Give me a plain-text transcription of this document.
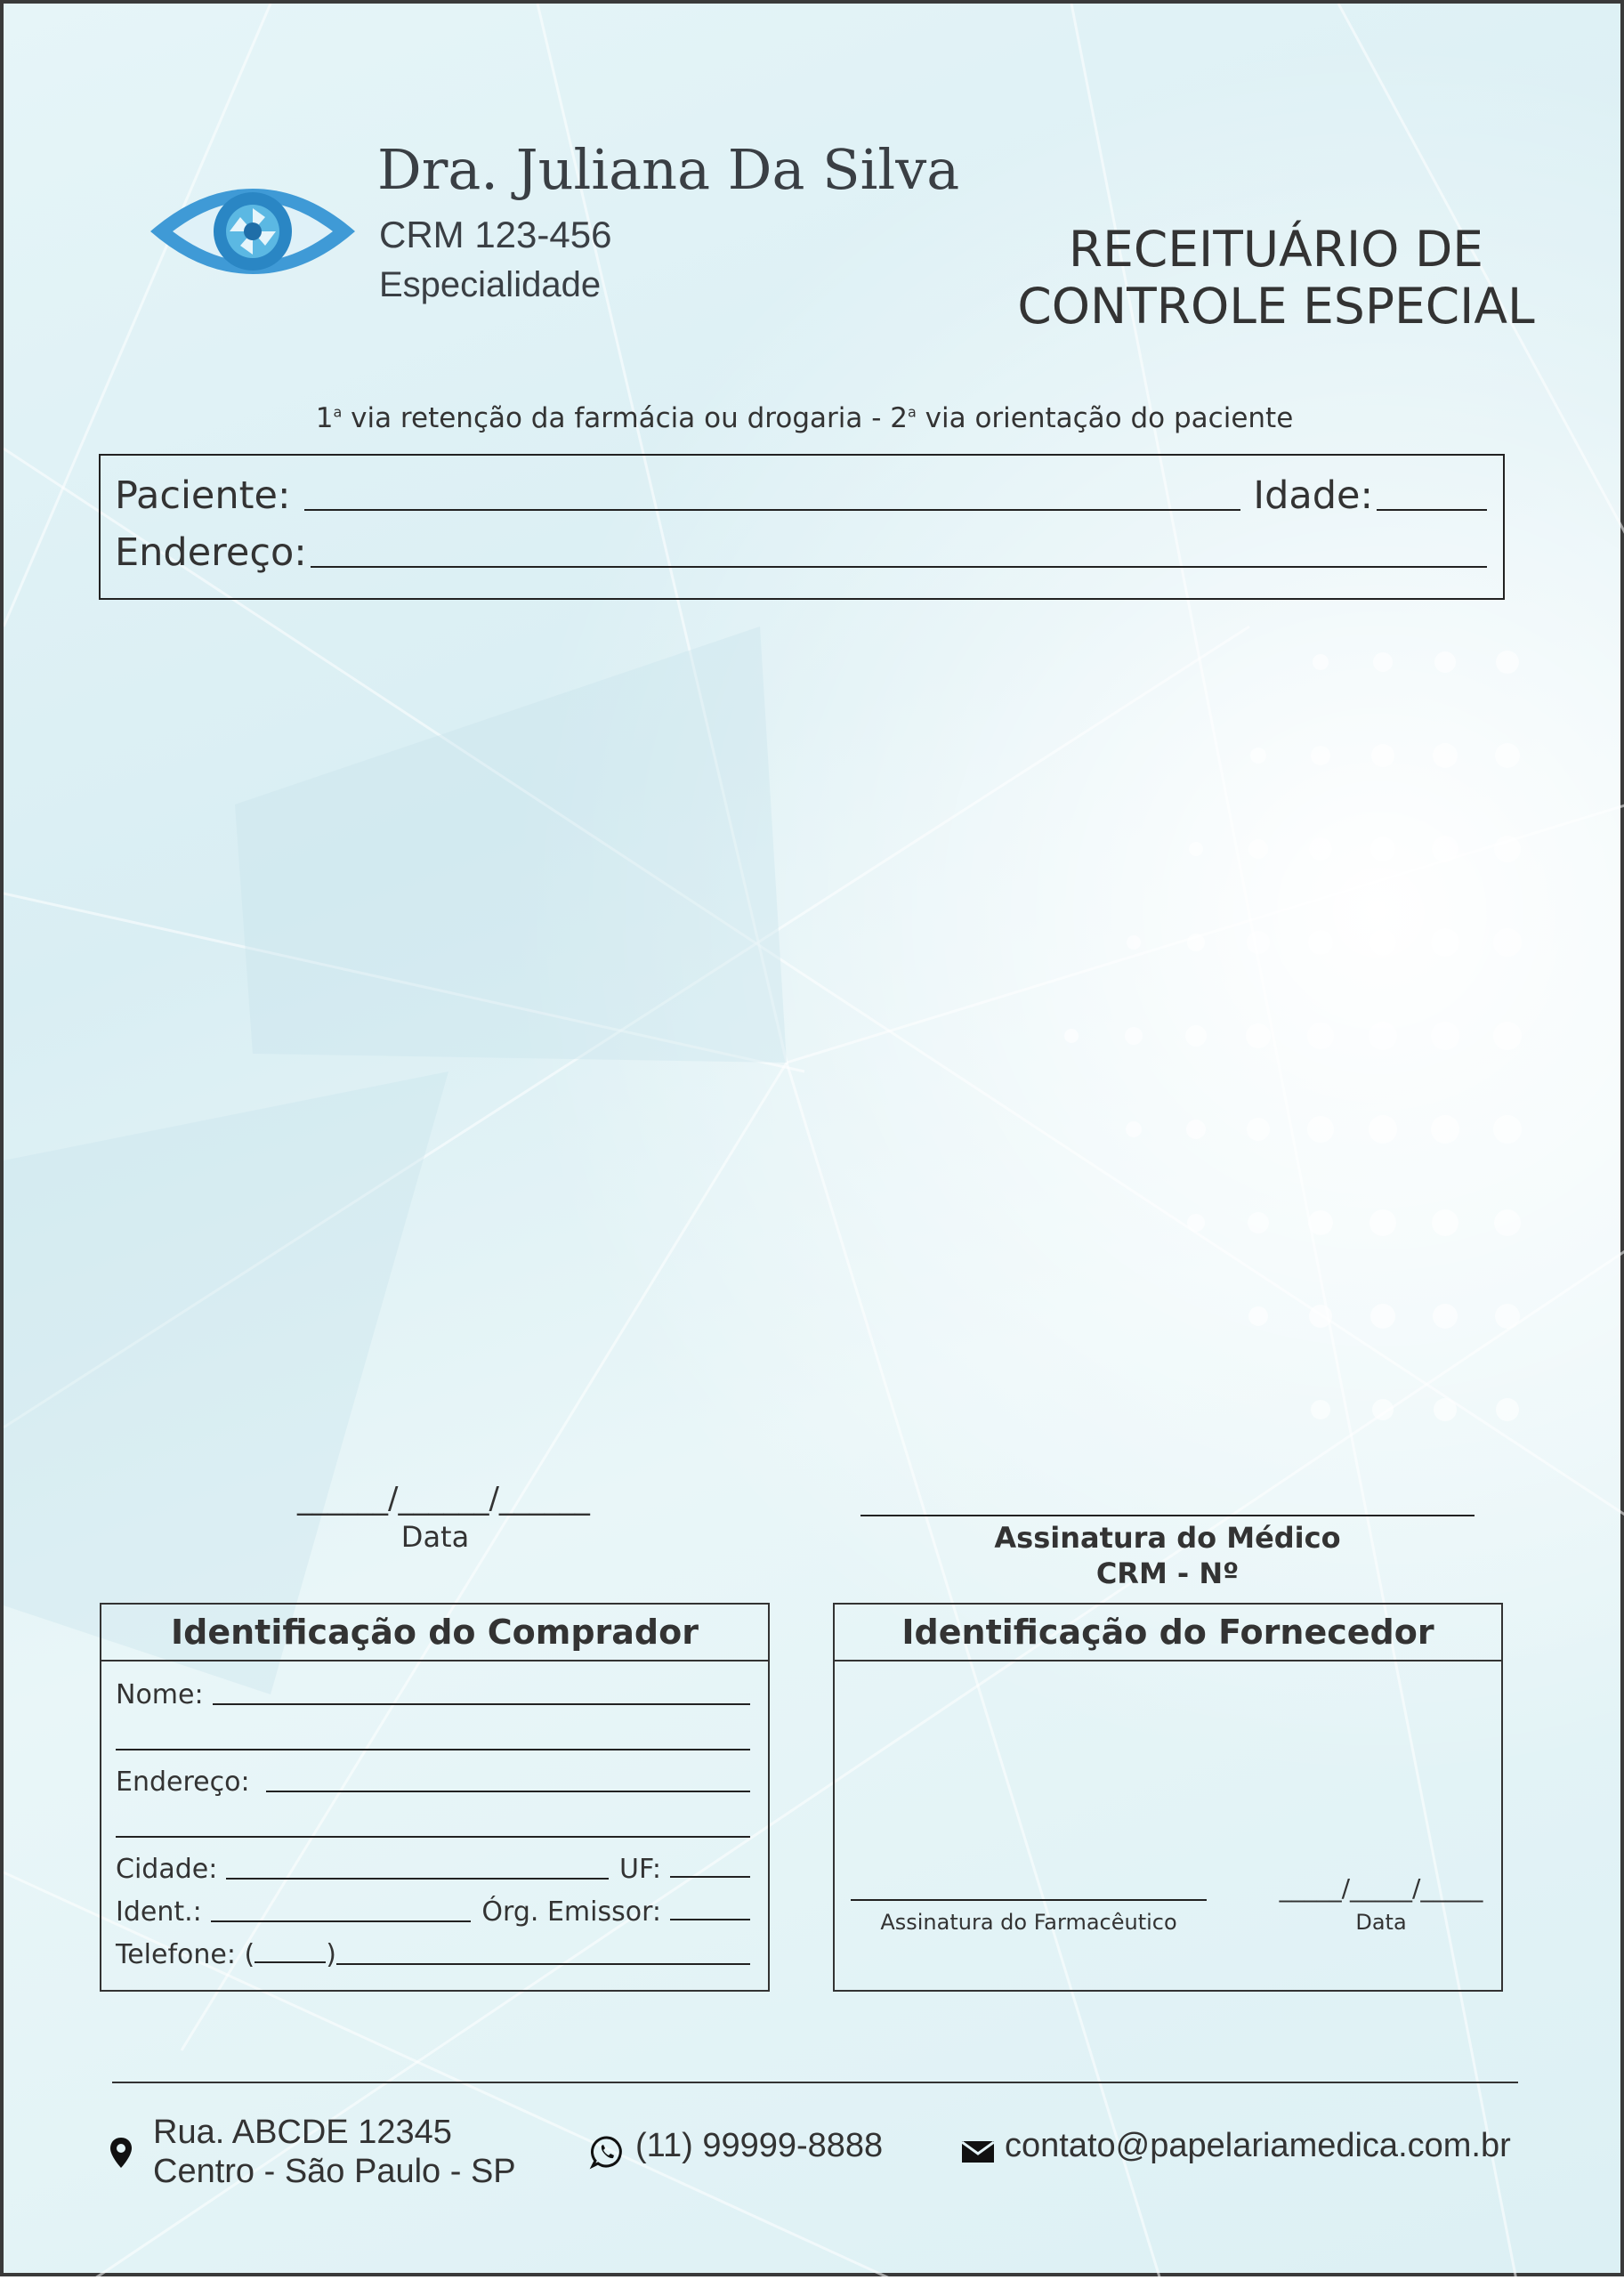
Dra. Juliana Da Silva
CRM 123-456
Especialidade
RECEITUÁRIO DE
CONTROLE ESPECIAL
1$^a$ via retenção da farmácia ou drogaria - 2$^a$ via orientação do paciente
Paciente:	Idade:
Endereço:
______/______/______
Data	Assinatura do Médico
CRM - Nº
Identificação do Comprador
Nome:
Endereço:
Cidade:	UF:
Ident.:	Órg. Emissor:
Telefone: (	)
Identificação do Fornecedor
Assinatura do Farmacêutico
_____/_____/_____
Data
Rua. ABCDE 12345
Centro - São Paulo - SP
(11) 99999-8888	contato@papelariamedica.com.br
